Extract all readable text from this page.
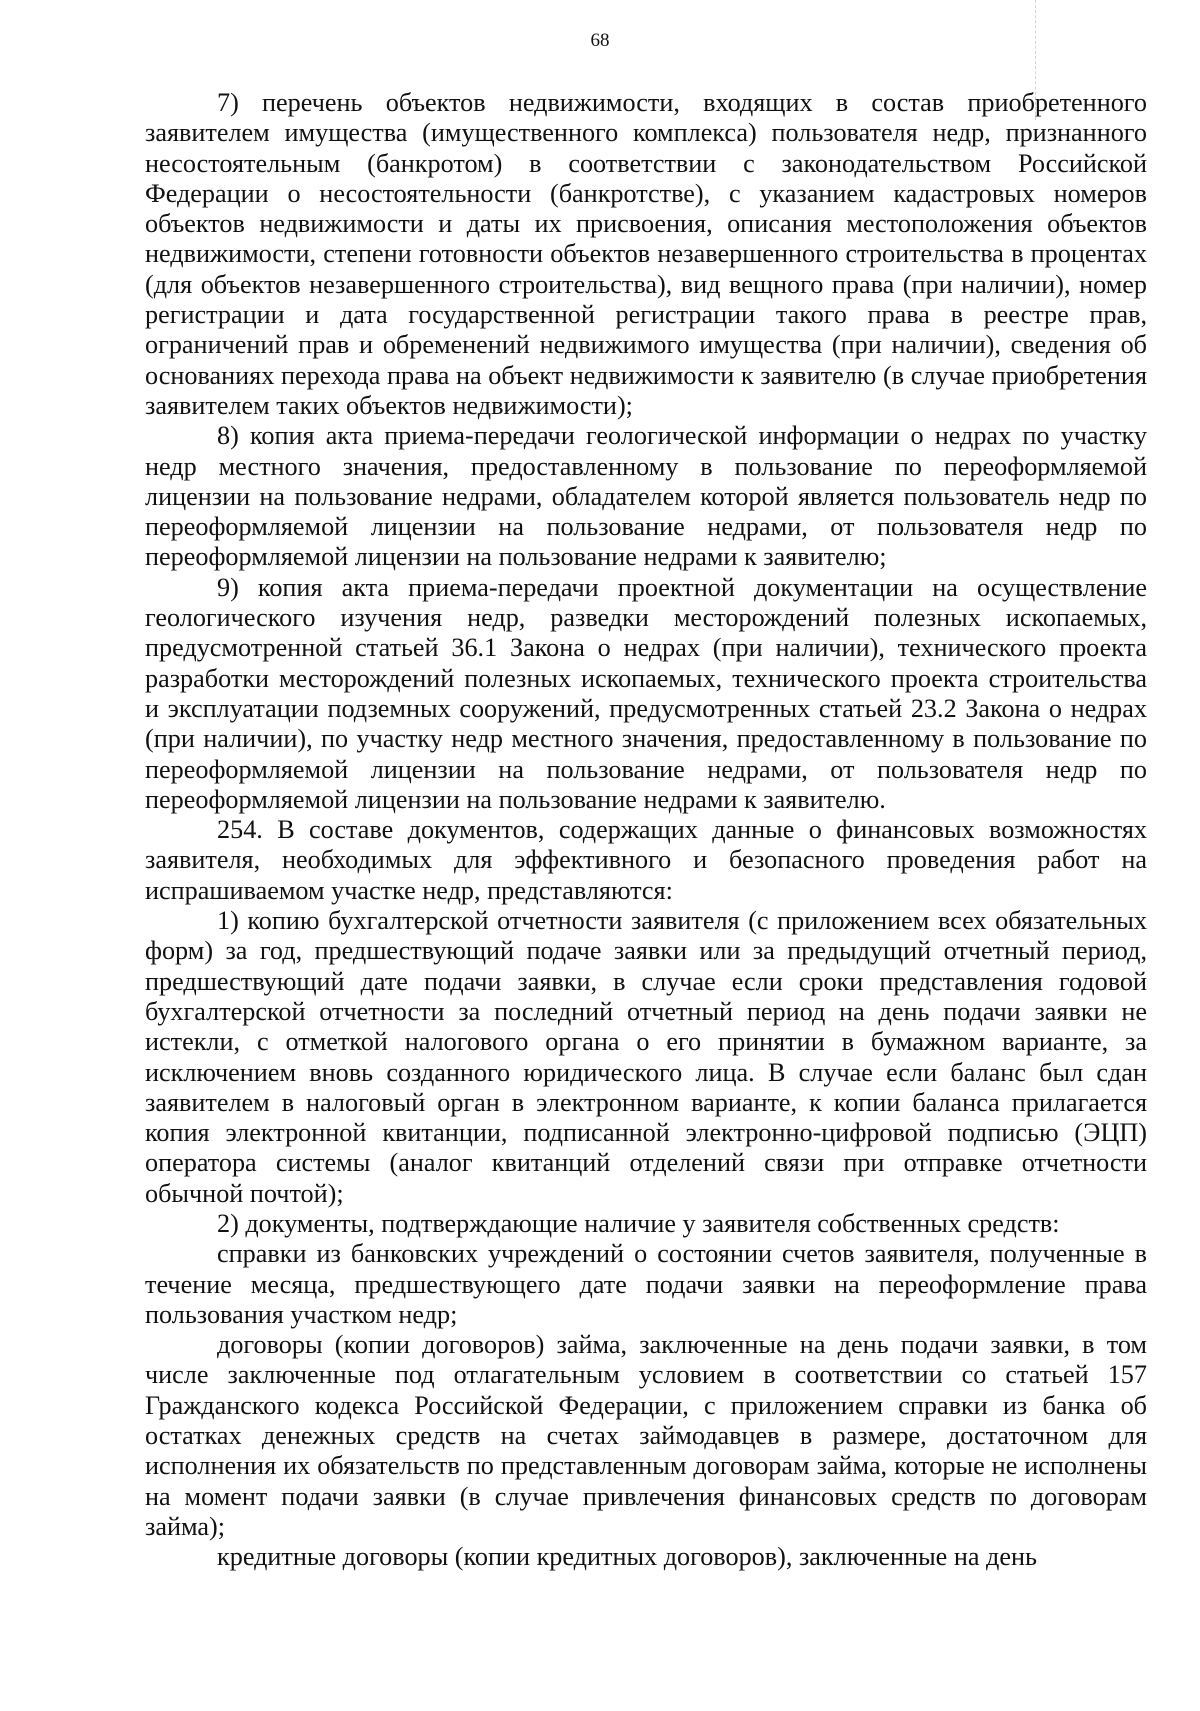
68

7) перечень объектов недвижимости, входящих в состав приобретенного заявителем имущества (имущественного комплекса) пользователя недр, признанного несостоятельным (банкротом) в соответствии с законодательством Российской Федерации о несостоятельности (банкротстве), с указанием кадастровых номеров объектов недвижимости и даты их присвоения, описания местоположения объектов недвижимости, степени готовности объектов незавершенного строительства в процентах (для объектов незавершенного строительства), вид вещного права (при наличии), номер регистрации и дата государственной регистрации такого права в реестре прав, ограничений прав и обременений недвижимого имущества (при наличии), сведения об основаниях перехода права на объект недвижимости к заявителю (в случае приобретения заявителем таких объектов недвижимости);

8) копия акта приема-передачи геологической информации о недрах по участку недр местного значения, предоставленному в пользование по переоформляемой лицензии на пользование недрами, обладателем которой является пользователь недр по переоформляемой лицензии на пользование недрами, от пользователя недр по переоформляемой лицензии на пользование недрами к заявителю;

9) копия акта приема-передачи проектной документации на осуществление геологического изучения недр, разведки месторождений полезных ископаемых, предусмотренной статьей 36.1 Закона о недрах (при наличии), технического проекта разработки месторождений полезных ископаемых, технического проекта строительства и эксплуатации подземных сооружений, предусмотренных статьей 23.2 Закона о недрах (при наличии), по участку недр местного значения, предоставленному в пользование по переоформляемой лицензии на пользование недрами, от пользователя недр по переоформляемой лицензии на пользование недрами к заявителю.

254. В составе документов, содержащих данные о финансовых возможностях заявителя, необходимых для эффективного и безопасного проведения работ на испрашиваемом участке недр, представляются:

1) копию бухгалтерской отчетности заявителя (с приложением всех обязательных форм) за год, предшествующий подаче заявки или за предыдущий отчетный период, предшествующий дате подачи заявки, в случае если сроки представления годовой бухгалтерской отчетности за последний отчетный период на день подачи заявки не истекли, с отметкой налогового органа о его принятии в бумажном варианте, за исключением вновь созданного юридического лица. В случае если баланс был сдан заявителем в налоговый орган в электронном варианте, к копии баланса прилагается копия электронной квитанции, подписанной электронно-цифровой подписью (ЭЦП) оператора системы (аналог квитанций отделений связи при отправке отчетности обычной почтой);

2) документы, подтверждающие наличие у заявителя собственных средств:

справки из банковских учреждений о состоянии счетов заявителя, полученные в течение месяца, предшествующего дате подачи заявки на переоформление права пользования участком недр;

договоры (копии договоров) займа, заключенные на день подачи заявки, в том числе заключенные под отлагательным условием в соответствии со статьей 157 Гражданского кодекса Российской Федерации, с приложением справки из банка об остатках денежных средств на счетах займодавцев в размере, достаточном для исполнения их обязательств по представленным договорам займа, которые не исполнены на момент подачи заявки (в случае привлечения финансовых средств по договорам займа);

кредитные договоры (копии кредитных договоров), заключенные на день
